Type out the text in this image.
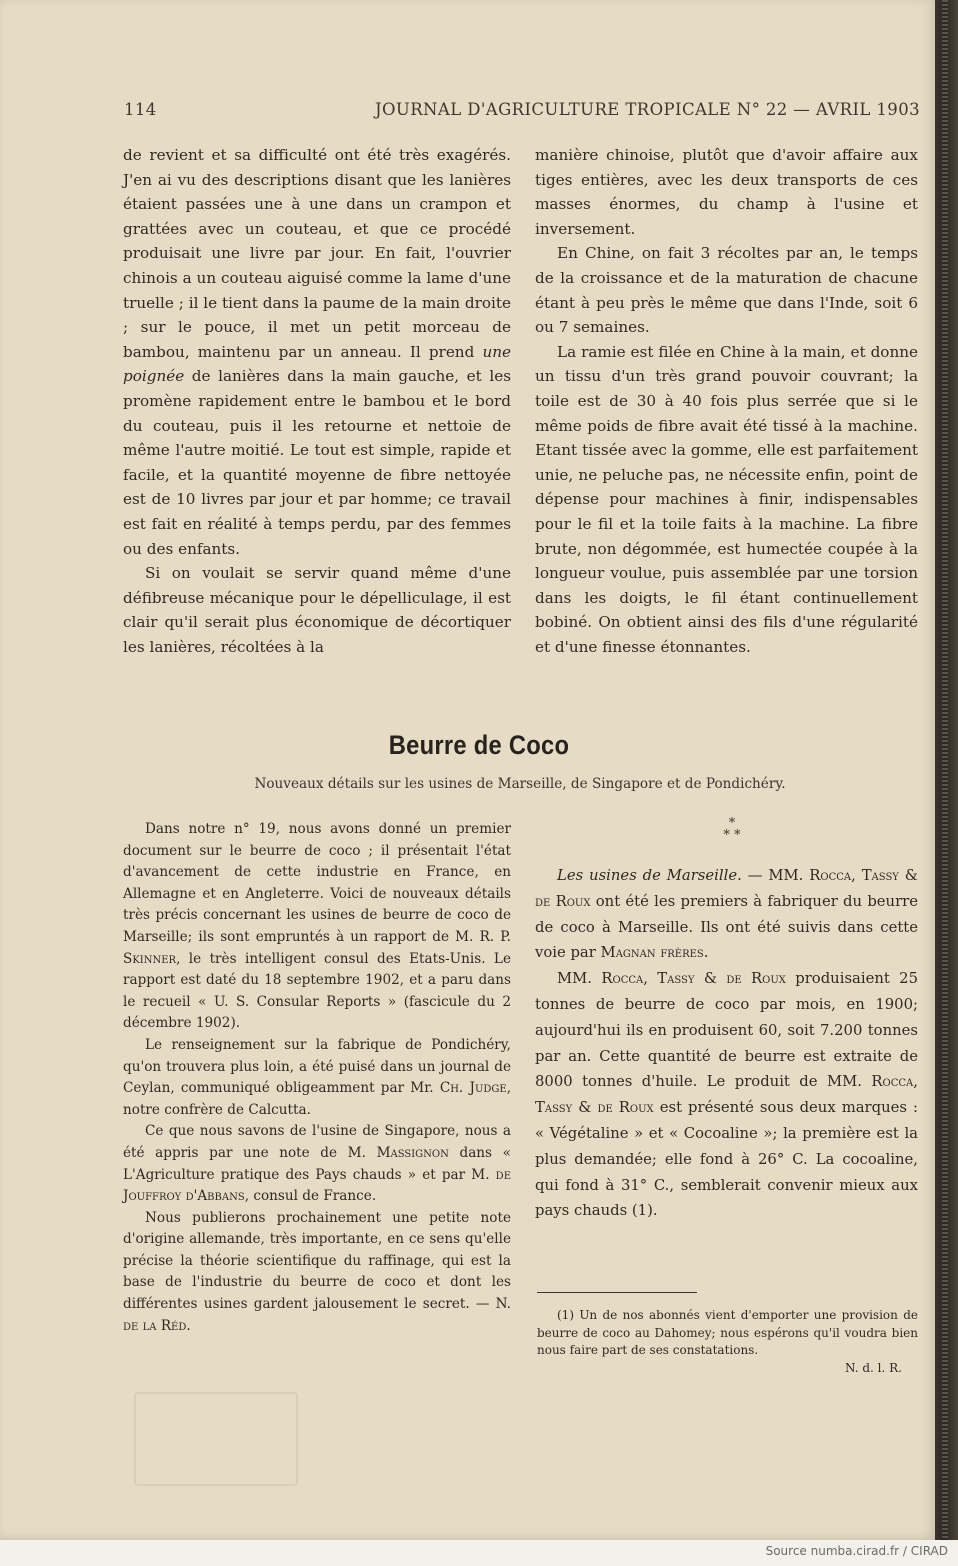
114	JOURNAL D'AGRICULTURE TROPICALE N° 22 — AVRIL 1903

de revient et sa difficulté ont été très exagérés. J'en ai vu des descriptions disant que les lanières étaient passées une à une dans un crampon et grattées avec un couteau, et que ce procédé produisait une livre par jour. En fait, l'ouvrier chinois a un couteau aiguisé comme la lame d'une truelle ; il le tient dans la paume de la main droite ; sur le pouce, il met un petit morceau de bambou, maintenu par un anneau. Il prend une poignée de lanières dans la main gauche, et les promène rapidement entre le bambou et le bord du couteau, puis il les retourne et nettoie de même l'autre moitié. Le tout est simple, rapide et facile, et la quantité moyenne de fibre nettoyée est de 10 livres par jour et par homme; ce travail est fait en réalité à temps perdu, par des femmes ou des enfants.

Si on voulait se servir quand même d'une défibreuse mécanique pour le dépelliculage, il est clair qu'il serait plus économique de décortiquer les lanières, récoltées à la

manière chinoise, plutôt que d'avoir affaire aux tiges entières, avec les deux transports de ces masses énormes, du champ à l'usine et inversement.

En Chine, on fait 3 récoltes par an, le temps de la croissance et de la maturation de chacune étant à peu près le même que dans l'Inde, soit 6 ou 7 semaines.

La ramie est filée en Chine à la main, et donne un tissu d'un très grand pouvoir couvrant; la toile est de 30 à 40 fois plus serrée que si le même poids de fibre avait été tissé à la machine. Etant tissée avec la gomme, elle est parfaitement unie, ne peluche pas, ne nécessite enfin, point de dépense pour machines à finir, indispensables pour le fil et la toile faits à la machine. La fibre brute, non dégommée, est humectée coupée à la longueur voulue, puis assemblée par une torsion dans les doigts, le fil étant continuellement bobiné. On obtient ainsi des fils d'une régularité et d'une finesse étonnantes.

Beurre de Coco
Nouveaux détails sur les usines de Marseille, de Singapore et de Pondichéry.

Dans notre n° 19, nous avons donné un premier document sur le beurre de coco ; il présentait l'état d'avancement de cette industrie en France, en Allemagne et en Angleterre. Voici de nouveaux détails très précis concernant les usines de beurre de coco de Marseille; ils sont empruntés à un rapport de M. R. P. Skinner, le très intelligent consul des Etats-Unis. Le rapport est daté du 18 septembre 1902, et a paru dans le recueil « U. S. Consular Reports » (fascicule du 2 décembre 1902).

Le renseignement sur la fabrique de Pondichéry, qu'on trouvera plus loin, a été puisé dans un journal de Ceylan, communiqué obligeamment par Mr. Ch. Judge, notre confrère de Calcutta.

Ce que nous savons de l'usine de Singapore, nous a été appris par une note de M. Massignon dans « L'Agriculture pratique des Pays chauds » et par M. de Jouffroy d'Abbans, consul de France.

Nous publierons prochainement une petite note d'origine allemande, très importante, en ce sens qu'elle précise la théorie scientifique du raffinage, qui est la base de l'industrie du beurre de coco et dont les différentes usines gardent jalousement le secret. — N. de la Réd.

*
* *

Les usines de Marseille. — MM. Rocca, Tassy & de Roux ont été les premiers à fabriquer du beurre de coco à Marseille. Ils ont été suivis dans cette voie par Magnan frères.

MM. Rocca, Tassy & de Roux produisaient 25 tonnes de beurre de coco par mois, en 1900; aujourd'hui ils en produisent 60, soit 7.200 tonnes par an. Cette quantité de beurre est extraite de 8000 tonnes d'huile. Le produit de MM. Rocca, Tassy & de Roux est présenté sous deux marques : « Végétaline » et « Cocoaline »; la première est la plus demandée; elle fond à 26° C. La cocoaline, qui fond à 31° C., semblerait convenir mieux aux pays chauds (1).

(1) Un de nos abonnés vient d'emporter une provision de beurre de coco au Dahomey; nous espérons qu'il voudra bien nous faire part de ses constatations.

N. d. l. R.

Source numba.cirad.fr / CIRAD
